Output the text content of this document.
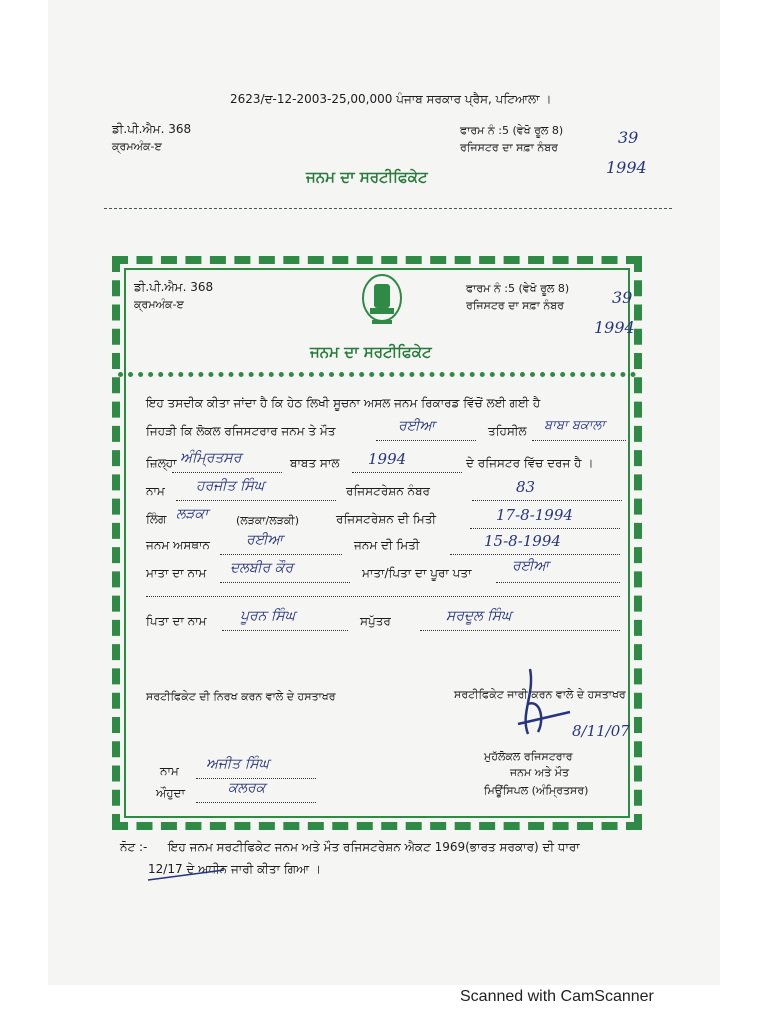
2623/ਦ-12-2003-25,00,000 ਪੰਜਾਬ ਸਰਕਾਰ ਪ੍ਰੈਸ, ਪਟਿਆਲਾ ।
ਡੀ.ਪੀ.ਐਮ. 368
ਕ੍ਰਮਅੰਕ-ੲ
ਫਾਰਮ ਨੰ :5 (ਵੇਖੋ ਰੂਲ 8)
ਰਜਿਸਟਰ ਦਾ ਸਫ਼ਾ ਨੰਬਰ
39
1994
ਜਨਮ ਦਾ ਸਰਟੀਫਿਕੇਟ
ਡੀ.ਪੀ.ਐਮ. 368
ਕ੍ਰਮਅੰਕ-ੲ
ਫਾਰਮ ਨੰ :5 (ਵੇਖੋ ਰੂਲ 8)
ਰਜਿਸਟਰ ਦਾ ਸਫ਼ਾ ਨੰਬਰ	39
1994
ਜਨਮ ਦਾ ਸਰਟੀਫਿਕੇਟ
ਇਹ ਤਸਦੀਕ ਕੀਤਾ ਜਾਂਦਾ ਹੈ ਕਿ ਹੇਠ ਲਿਖੀ ਸੂਚਨਾ ਅਸਲ ਜਨਮ ਰਿਕਾਰਡ ਵਿੱਚੋਂ ਲਈ ਗਈ ਹੈ
ਜਿਹੜੀ ਕਿ ਲੋਕਲ ਰਜਿਸਟਰਾਰ ਜਨਮ ਤੇ ਮੌਤ	ਰਈਆ	ਤਹਿਸੀਲ ਬਾਬਾ ਬਕਾਲਾ
ਜ਼ਿਲ੍ਹਾ ਅੰਮ੍ਰਿਤਸਰ	ਬਾਬਤ ਸਾਲ 1994	ਦੇ ਰਜਿਸਟਰ ਵਿੱਚ ਦਰਜ ਹੈ ।
ਨਾਮ ਹਰਜੀਤ ਸਿੰਘ	ਰਜਿਸਟਰੇਸ਼ਨ ਨੰਬਰ	83
ਲਿੰਗ ਲੜਕਾ	(ਲੜਕਾ/ਲੜਕੀ)	ਰਜਿਸਟਰੇਸ਼ਨ ਦੀ ਮਿਤੀ	17-8-1994
ਜਨਮ ਅਸਥਾਨ	ਰਈਆ	ਜਨਮ ਦੀ ਮਿਤੀ	15-8-1994
ਮਾਤਾ ਦਾ ਨਾਮ ਦਲਬੀਰ ਕੌਰ	ਮਾਤਾ/ਪਿਤਾ ਦਾ ਪੂਰਾ ਪਤਾ	ਰਈਆ
ਪਿਤਾ ਦਾ ਨਾਮ ਪੂਰਨ ਸਿੰਘ	ਸਪੁੱਤਰ	ਸਰਦੂਲ ਸਿੰਘ
ਸਰਟੀਫਿਕੇਟ ਦੀ ਨਿਰਖ ਕਰਨ ਵਾਲੇ ਦੇ ਹਸਤਾਖਰ	ਸਰਟੀਫਿਕੇਟ ਜਾਰੀ ਕਰਨ ਵਾਲੇ ਦੇ ਹਸਤਾਖਰ
8/11/07
ਨਾਮ ਅਜੀਤ ਸਿੰਘ
ਔਹੁਦਾ	ਕਲਰਕ
ਮੁਹੱਲੋਕਲ ਰਜਿਸਟਰਾਰ
ਜਨਮ ਅਤੇ ਮੌਤ
ਮਿਊਂਸਿਪਲ (ਅੰਮ੍ਰਿਤਸਰ)
ਨੋਟ :- ਇਹ ਜਨਮ ਸਰਟੀਫਿਕੇਟ ਜਨਮ ਅਤੇ ਮੌਤ ਰਜਿਸਟਰੇਸ਼ਨ ਐਕਟ 1969(ਭਾਰਤ ਸਰਕਾਰ) ਦੀ ਧਾਰਾ
12/17 ਦੇ ਅਧੀਨ ਜਾਰੀ ਕੀਤਾ ਗਿਆ ।
Scanned with CamScanner
